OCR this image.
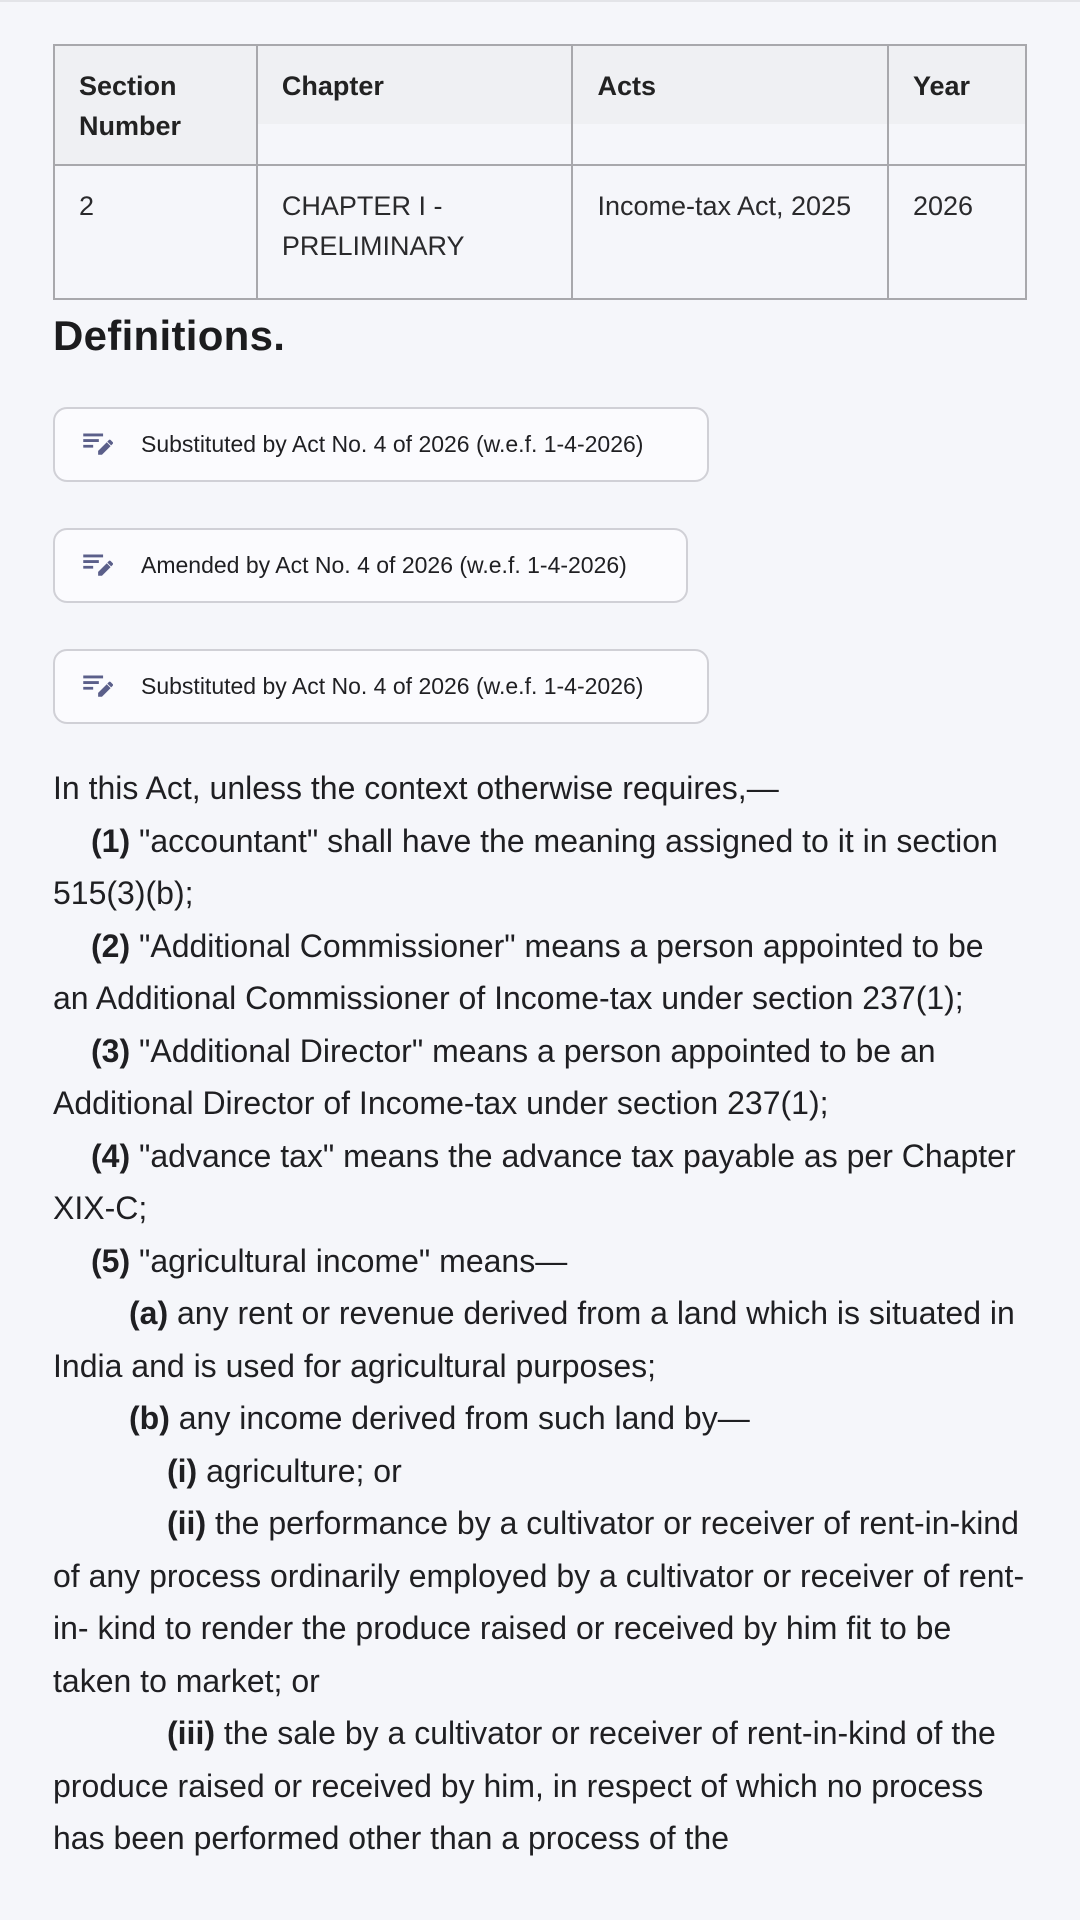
Section Number	Chapter	Acts	Year

2	CHAPTER I - PRELIMINARY	Income-tax Act, 2025	2026
Definitions.
Substituted by Act No. 4 of 2026 (w.e.f. 1-4-2026)
Amended by Act No. 4 of 2026 (w.e.f. 1-4-2026)
Substituted by Act No. 4 of 2026 (w.e.f. 1-4-2026)

In this Act, unless the context otherwise requires,—

(1) "accountant" shall have the meaning assigned to it in section 515(3)(b);

(2) "Additional Commissioner" means a person appointed to be an Additional Commissioner of Income-tax under section 237(1);

(3) "Additional Director" means a person appointed to be an Additional Director of Income-tax under section 237(1);

(4) "advance tax" means the advance tax payable as per Chapter XIX-C;

(5) "agricultural income" means—

(a) any rent or revenue derived from a land which is situated in India and is used for agricultural purposes;

(b) any income derived from such land by—

(i) agriculture; or

(ii) the performance by a cultivator or receiver of rent-in-kind of any process ordinarily employed by a cultivator or receiver of rent-in- kind to render the produce raised or received by him fit to be taken to market; or

(iii) the sale by a cultivator or receiver of rent-in-kind of the produce raised or received by him, in respect of which no process has been performed other than a process of the
